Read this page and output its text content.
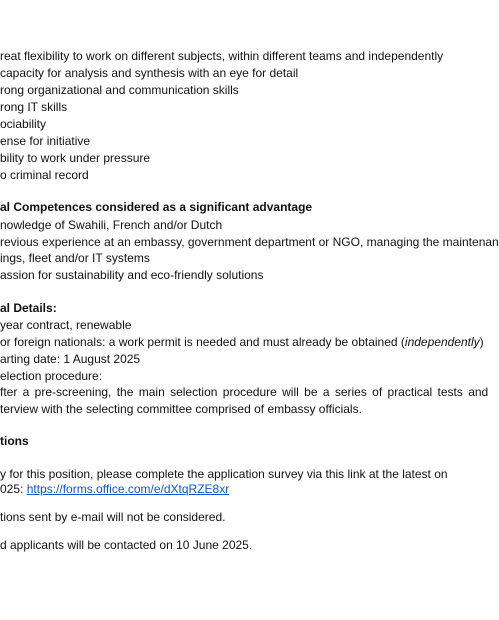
reat flexibility to work on different subjects, within different teams and independently
capacity for analysis and synthesis with an eye for detail
rong organizational and communication skills
rong IT skills
ociability
ense for initiative
bility to work under pressure
o criminal record
al Competences considered as a significant advantage
nowledge of Swahili, French and/or Dutch
revious experience at an embassy, government department or NGO, managing the maintenan
ings, fleet and/or IT systems
assion for sustainability and eco-friendly solutions
al Details:
year contract, renewable
or foreign nationals: a work permit is needed and must already be obtained (independently)
arting date: 1 August 2025
election procedure:
fter a pre-screening, the main selection procedure will be a series of practical tests and
terview with the selecting committee comprised of embassy officials.
tions
y for this position, please complete the application survey via this link at the latest on
025: https://forms.office.com/e/dXtqRZE8xr
tions sent by e-mail will not be considered.
d applicants will be contacted on 10 June 2025.
